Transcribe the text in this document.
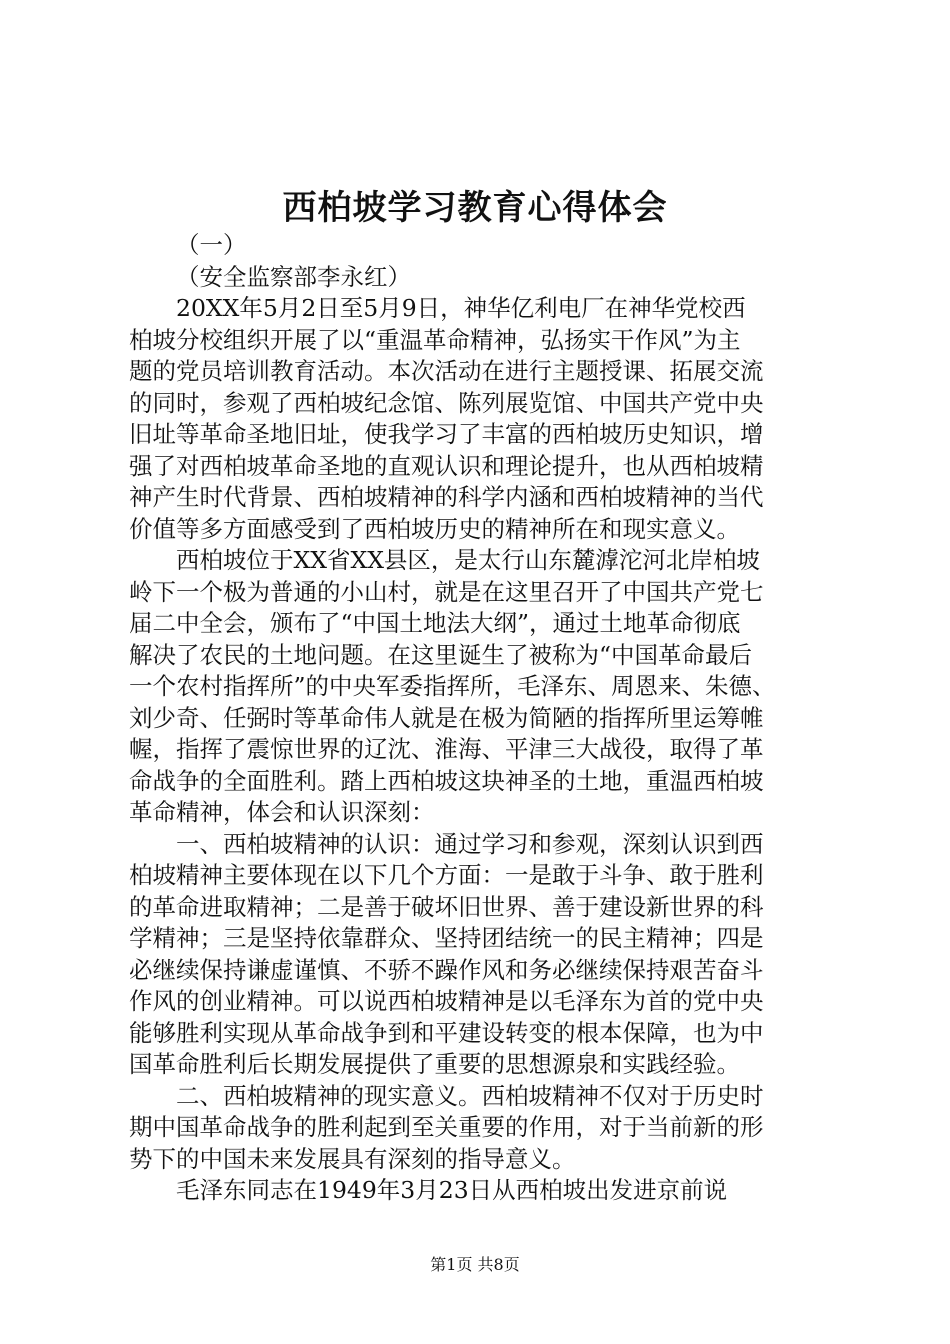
西柏坡学习教育心得体会
（一）
（安全监察部李永红）
20XX年5月2日至5月9日，神华亿利电厂在神华党校西
柏坡分校组织开展了以“重温革命精神，弘扬实干作风”为主
题的党员培训教育活动。本次活动在进行主题授课、拓展交流
的同时，参观了西柏坡纪念馆、陈列展览馆、中国共产党中央
旧址等革命圣地旧址，使我学习了丰富的西柏坡历史知识，增
强了对西柏坡革命圣地的直观认识和理论提升，也从西柏坡精
神产生时代背景、西柏坡精神的科学内涵和西柏坡精神的当代
价值等多方面感受到了西柏坡历史的精神所在和现实意义。
西柏坡位于XX省XX县区，是太行山东麓滹沱河北岸柏坡
岭下一个极为普通的小山村，就是在这里召开了中国共产党七
届二中全会，颁布了“中国土地法大纲”，通过土地革命彻底
解决了农民的土地问题。在这里诞生了被称为“中国革命最后
一个农村指挥所”的中央军委指挥所，毛泽东、周恩来、朱德、
刘少奇、任弼时等革命伟人就是在极为简陋的指挥所里运筹帷
幄，指挥了震惊世界的辽沈、淮海、平津三大战役，取得了革
命战争的全面胜利。踏上西柏坡这块神圣的土地，重温西柏坡
革命精神，体会和认识深刻：
一、西柏坡精神的认识：通过学习和参观，深刻认识到西
柏坡精神主要体现在以下几个方面：一是敢于斗争、敢于胜利
的革命进取精神；二是善于破坏旧世界、善于建设新世界的科
学精神；三是坚持依靠群众、坚持团结统一的民主精神；四是
必继续保持谦虚谨慎、不骄不躁作风和务必继续保持艰苦奋斗
作风的创业精神。可以说西柏坡精神是以毛泽东为首的党中央
能够胜利实现从革命战争到和平建设转变的根本保障，也为中
国革命胜利后长期发展提供了重要的思想源泉和实践经验。
二、西柏坡精神的现实意义。西柏坡精神不仅对于历史时
期中国革命战争的胜利起到至关重要的作用，对于当前新的形
势下的中国未来发展具有深刻的指导意义。
毛泽东同志在1949年3月23日从西柏坡出发进京前说
第1页 共8页
